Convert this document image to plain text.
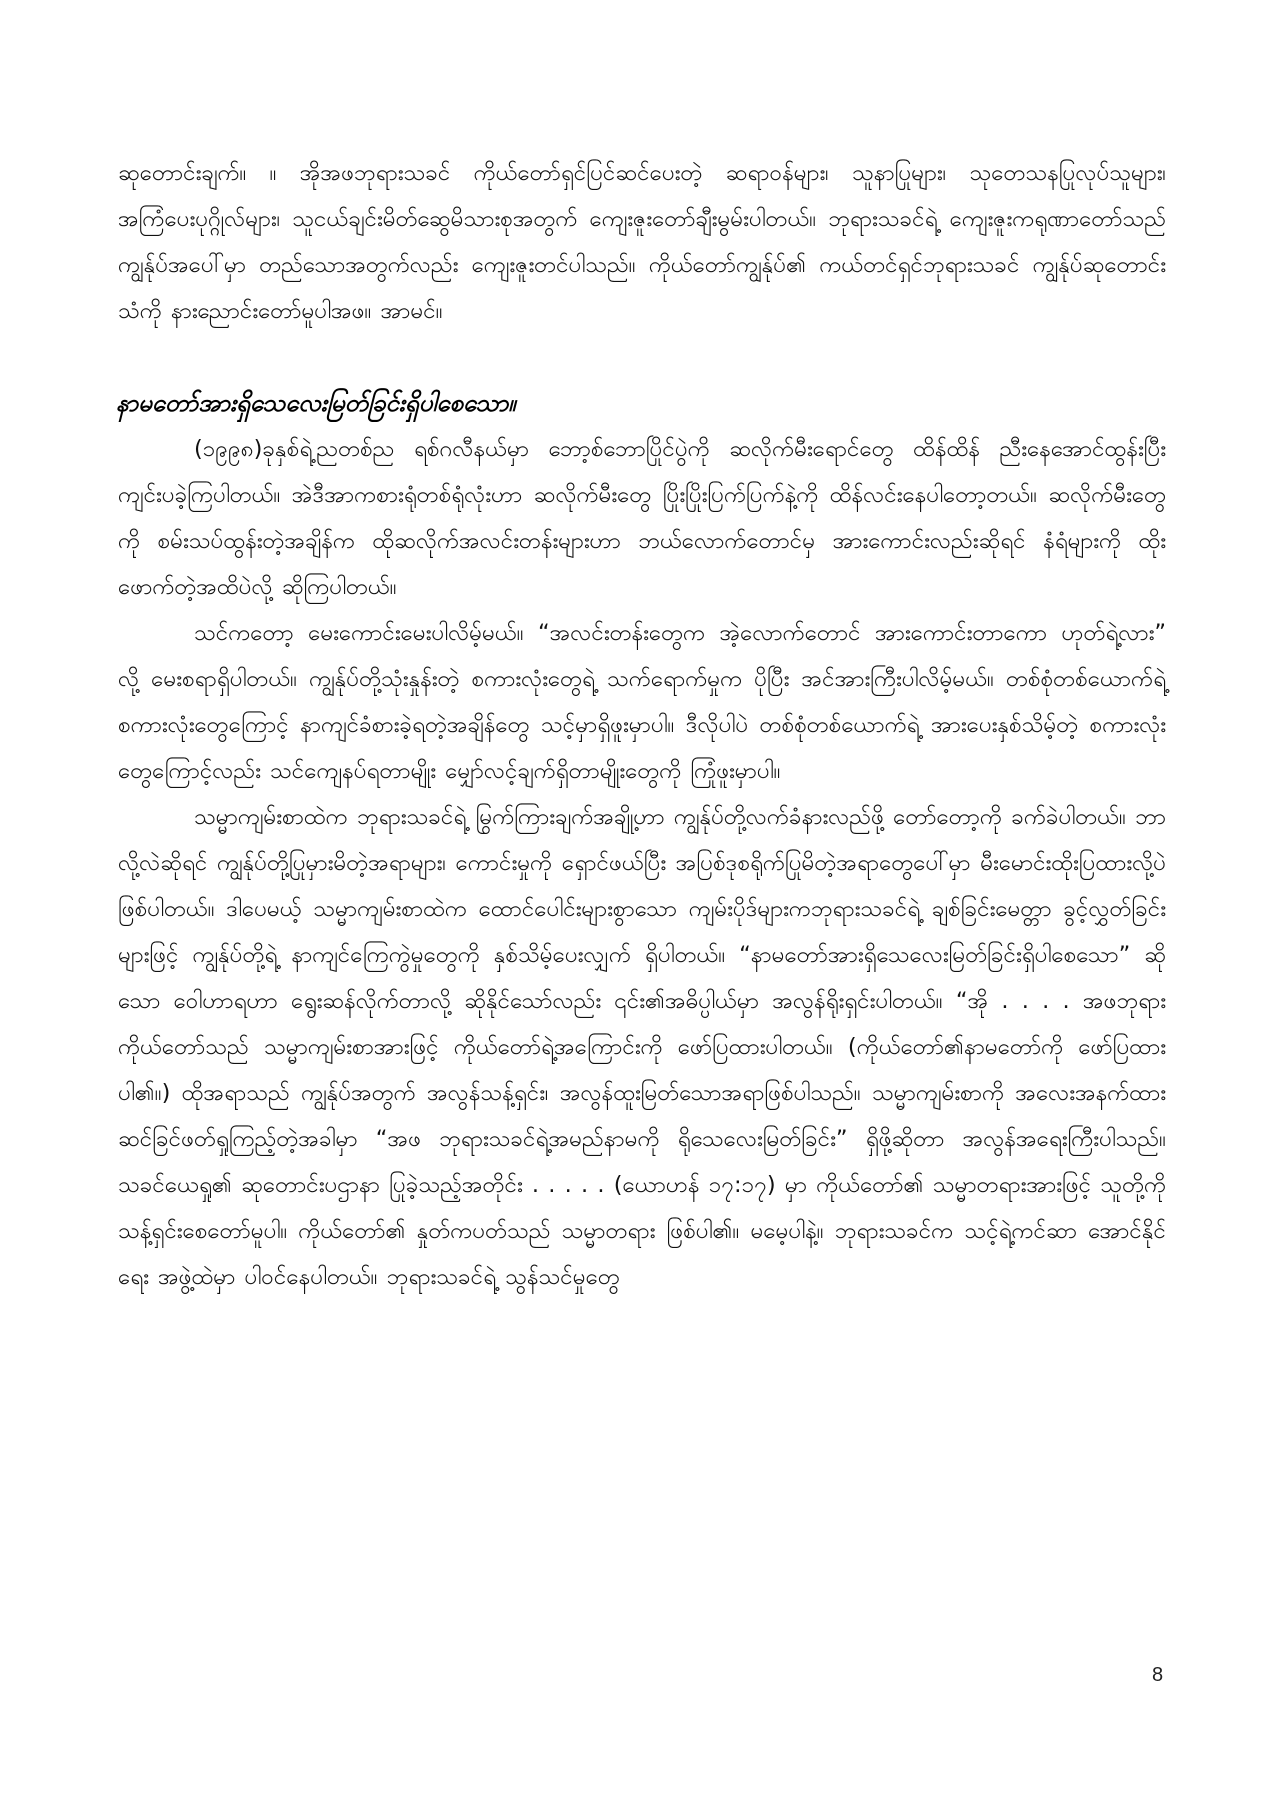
ဆုတောင်းချက်။ ။ အိုအဖဘုရားသခင် ကိုယ်တော်ရှင်ပြင်ဆင်ပေးတဲ့ ဆရာဝန်များ၊ သူနာပြုများ၊ သုတေသနပြုလုပ်သူများ၊ အကြံပေးပုဂ္ဂိုလ်များ၊ သူငယ်ချင်းမိတ်ဆွေမိသားစုအတွက် ကျေးဇူးတော်ချီးမွမ်းပါတယ်။ ဘုရားသခင်ရဲ့ ကျေးဇူးကရုဏာတော်သည် ကျွန်ုပ်အပေါ်မှာ တည်သောအတွက်လည်း ကျေးဇူးတင်ပါသည်။ ကိုယ်တော်ကျွန်ုပ်၏ ကယ်တင်ရှင်ဘုရားသခင် ကျွန်ုပ်ဆုတောင်းသံကို နားညောင်းတော်မူပါအဖ။ အာမင်။

နာမတော်အားရှိသေလေးမြတ်ခြင်းရှိပါစေသော။

(၁၉၉၈)ခုနှစ်ရဲ့ညတစ်ည ရစ်ဂလီနယ်မှာ ဘော့စ်ဘောပြိုင်ပွဲကို ဆလိုက်မီးရောင်တွေ ထိန်ထိန် ညီးနေအောင်ထွန်းပြီး ကျင်းပခဲ့ကြပါတယ်။ အဲဒီအာကစားရုံတစ်ရုံလုံးဟာ ဆလိုက်မီးတွေ ပြိုးပြိုးပြက်ပြက်နဲ့ကို ထိန်လင်းနေပါတော့တယ်။ ဆလိုက်မီးတွေကို စမ်းသပ်ထွန်းတဲ့အချိန်က ထိုဆလိုက်အလင်းတန်းများဟာ ဘယ်လောက်တောင်မှ အားကောင်းလည်းဆိုရင် နံရံများကို ထိုးဖောက်တဲ့အထိပဲလို့ ဆိုကြပါတယ်။

သင်ကတော့ မေးကောင်းမေးပါလိမ့်မယ်။ “အလင်းတန်းတွေက အဲ့လောက်တောင် အားကောင်းတာကော ဟုတ်ရဲ့လား” လို့ မေးစရာရှိပါတယ်။ ကျွန်ုပ်တို့သုံးနှုန်းတဲ့ စကားလုံးတွေရဲ့ သက်ရောက်မှုက ပိုပြီး အင်အားကြီးပါလိမ့်မယ်။ တစ်စုံတစ်ယောက်ရဲ့ စကားလုံးတွေကြောင့် နာကျင်ခံစားခဲ့ရတဲ့အချိန်တွေ သင့်မှာရှိဖူးမှာပါ။ ဒီလိုပါပဲ တစ်စုံတစ်ယောက်ရဲ့ အားပေးနှစ်သိမ့်တဲ့ စကားလုံးတွေကြောင့်လည်း သင်ကျေနပ်ရတာမျိုး မျှော်လင့်ချက်ရှိတာမျိုးတွေကို ကြုံဖူးမှာပါ။

သမ္မာကျမ်းစာထဲက ဘုရားသခင်ရဲ့ မြွက်ကြားချက်အချို့ဟာ ကျွန်ုပ်တို့လက်ခံနားလည်ဖို့ တော်တော့ကို ခက်ခဲပါတယ်။ ဘာလို့လဲဆိုရင် ကျွန်ုပ်တို့ပြုမှားမိတဲ့အရာများ၊ ကောင်းမှုကို ရှောင်ဖယ်ပြီး အပြစ်ဒုစရိုက်ပြုမိတဲ့အရာတွေပေါ်မှာ မီးမောင်းထိုးပြထားလို့ပဲဖြစ်ပါတယ်။ ဒါပေမယ့် သမ္မာကျမ်းစာထဲက ထောင်ပေါင်းများစွာသော ကျမ်းပိုဒ်များကဘုရားသခင်ရဲ့ ချစ်ခြင်းမေတ္တာ ခွင့်လွှတ်ခြင်းများဖြင့် ကျွန်ုပ်တို့ရဲ့ နာကျင်ကြေကွဲမှုတွေကို နှစ်သိမ့်ပေးလျှက် ရှိပါတယ်။ “နာမတော်အားရှိသေလေးမြတ်ခြင်းရှိပါစေသော” ဆိုသော ဝေါဟာရဟာ ရွေးဆန်လိုက်တာလို့ ဆိုနိုင်သော်လည်း ၎င်း၏အဓိပ္ပါယ်မှာ အလွန်ရိုးရှင်းပါတယ်။ “အို . . . . အဖဘုရား ကိုယ်တော်သည် သမ္မာကျမ်းစာအားဖြင့် ကိုယ်တော်ရဲ့အကြောင်းကို ဖော်ပြထားပါတယ်။ (ကိုယ်တော်၏နာမတော်ကို ဖော်ပြထားပါ၏။) ထိုအရာသည် ကျွန်ုပ်အတွက် အလွန်သန့်ရှင်း၊ အလွန်ထူးမြတ်သောအရာဖြစ်ပါသည်။ သမ္မာကျမ်းစာကို အလေးအနက်ထား ဆင်ခြင်ဖတ်ရှုကြည့်တဲ့အခါမှာ “အဖ ဘုရားသခင်ရဲ့အမည်နာမကို ရိုသေလေးမြတ်ခြင်း” ရှိဖို့ဆိုတာ အလွန်အရေးကြီးပါသည်။ သခင်ယေရှု၏ ဆုတောင်းပဌာနာ ပြုခဲ့သည့်အတိုင်း . . . . . (ယောဟန် ၁၇:၁၇) မှာ ကိုယ်တော်၏ သမ္မာတရားအားဖြင့် သူတို့ကို သန့်ရှင်းစေတော်မူပါ။ ကိုယ်တော်၏ နှုတ်ကပတ်သည် သမ္မာတရား ဖြစ်ပါ၏။ မမေ့ပါနဲ့။ ဘုရားသခင်က သင့်ရဲ့ကင်ဆာ အောင်နိုင်ရေး အဖွဲ့ထဲမှာ ပါဝင်နေပါတယ်။ ဘုရားသခင်ရဲ့ သွန်သင်မှုတွေ

8
